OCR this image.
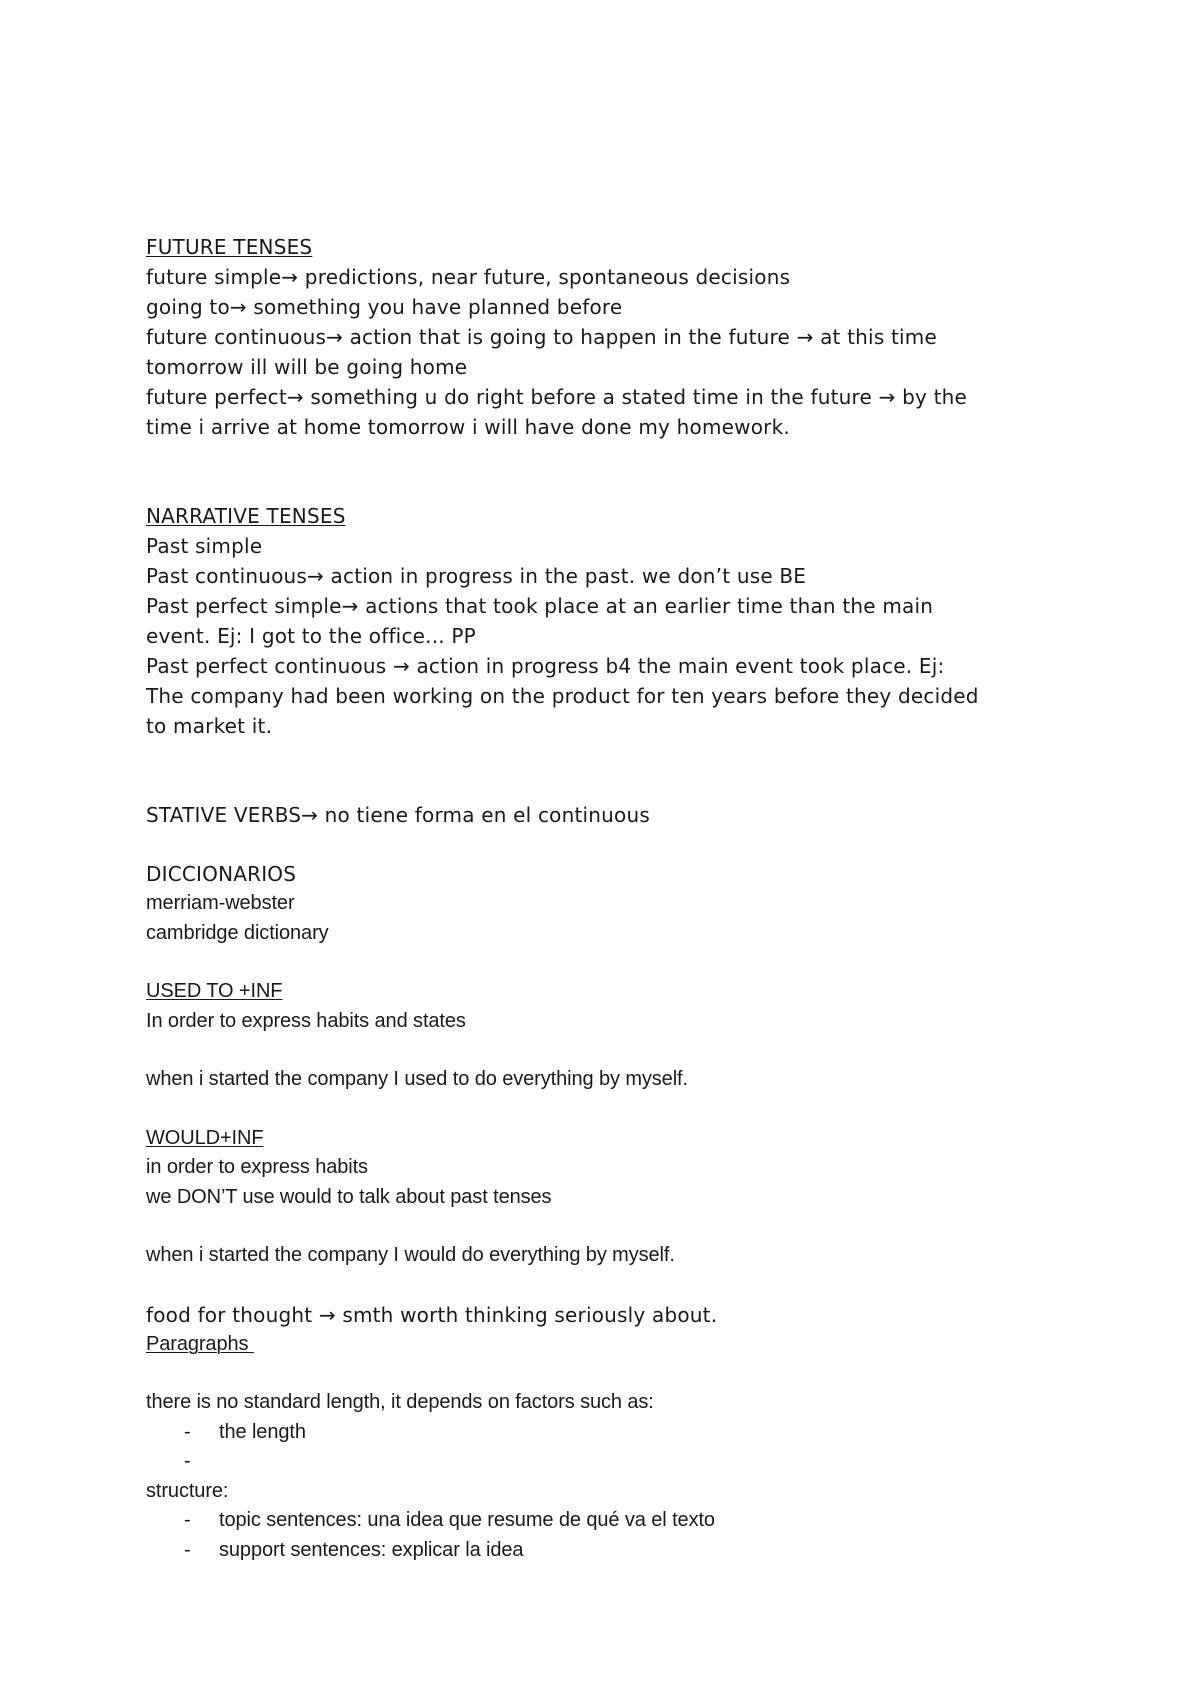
FUTURE TENSES

future simple→ predictions, near future, spontaneous decisions

going to→ something you have planned before

future continuous→ action that is going to happen in the future → at this time

tomorrow ill will be going home

future perfect→ something u do right before a stated time in the future → by the

time i arrive at home tomorrow i will have done my homework.

NARRATIVE TENSES

Past simple

Past continuous→ action in progress in the past. we don’t use BE

Past perfect simple→ actions that took place at an earlier time than the main

event. Ej: I got to the office... PP

Past perfect continuous → action in progress b4 the main event took place. Ej:

The company had been working on the product for ten years before they decided

to market it.

STATIVE VERBS→ no tiene forma en el continuous

DICCIONARIOS

merriam-webster

cambridge dictionary

USED TO +INF

In order to express habits and states

when i started the company I used to do everything by myself.

WOULD+INF

in order to express habits

we DON’T use would to talk about past tenses

when i started the company I would do everything by myself.

food for thought → smth worth thinking seriously about.

Paragraphs

there is no standard length, it depends on factors such as:

- the length
-

structure:

- topic sentences: una idea que resume de qué va el texto
- support sentences: explicar la idea
